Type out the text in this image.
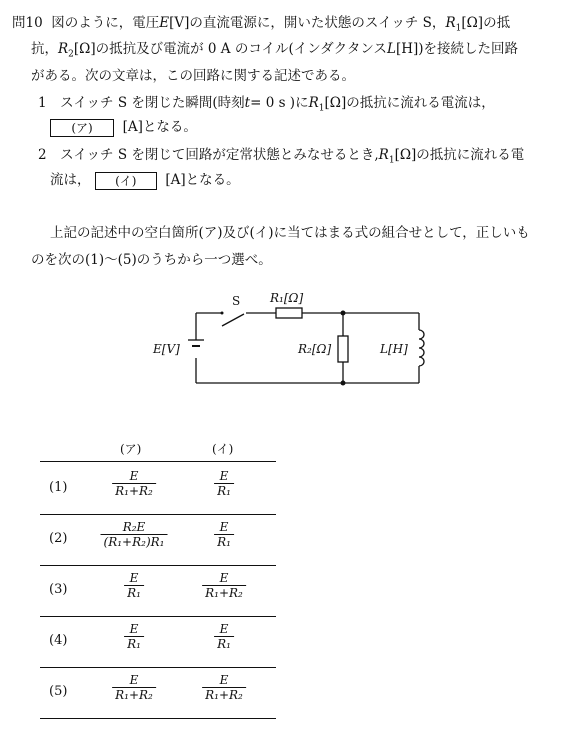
問10 図のように，電圧E[V]の直流電源に，開いた状態のスイッチ S，$R_1[\Omega]$の抵
抗，$R_2[\Omega]$の抵抗及び電流が 0 A のコイル(インダクタンスL[H])を接続した回路
がある。次の文章は，この回路に関する記述である。
1　スイッチ S を閉じた瞬間(時刻t= 0 s )に$R_1[\Omega]$の抵抗に流れる電流は，
(ア) [A]となる。
2　スイッチ S を閉じて回路が定常状態とみなせるとき$,R_1[\Omega]$の抵抗に流れる電
流は， (イ) [A]となる。
上記の記述中の空白箇所(ア)及び(イ)に当てはまる式の組合せとして，正しいも
のを次の(1)～(5)のうちから一つ選べ。
S R₁[Ω]
R₂[Ω]	L[H]
E[V]
(ア)	(イ)
(1)	$\frac{E}{\text{R₁+R₂}}$	$\frac{E}{\text{R₁}}$
(2)	$\frac{\text{R₂E}}{\text{(R₁+R₂)R₁}}$	$\frac{E}{\text{R₁}}$
(3)	$\frac{E}{\text{R₁}}$	$\frac{E}{\text{R₁+R₂}}$
(4)	$\frac{E}{\text{R₁}}$	$\frac{E}{\text{R₁}}$
(5)	$\frac{E}{\text{R₁+R₂}}$	$\frac{E}{\text{R₁+R₂}}$
